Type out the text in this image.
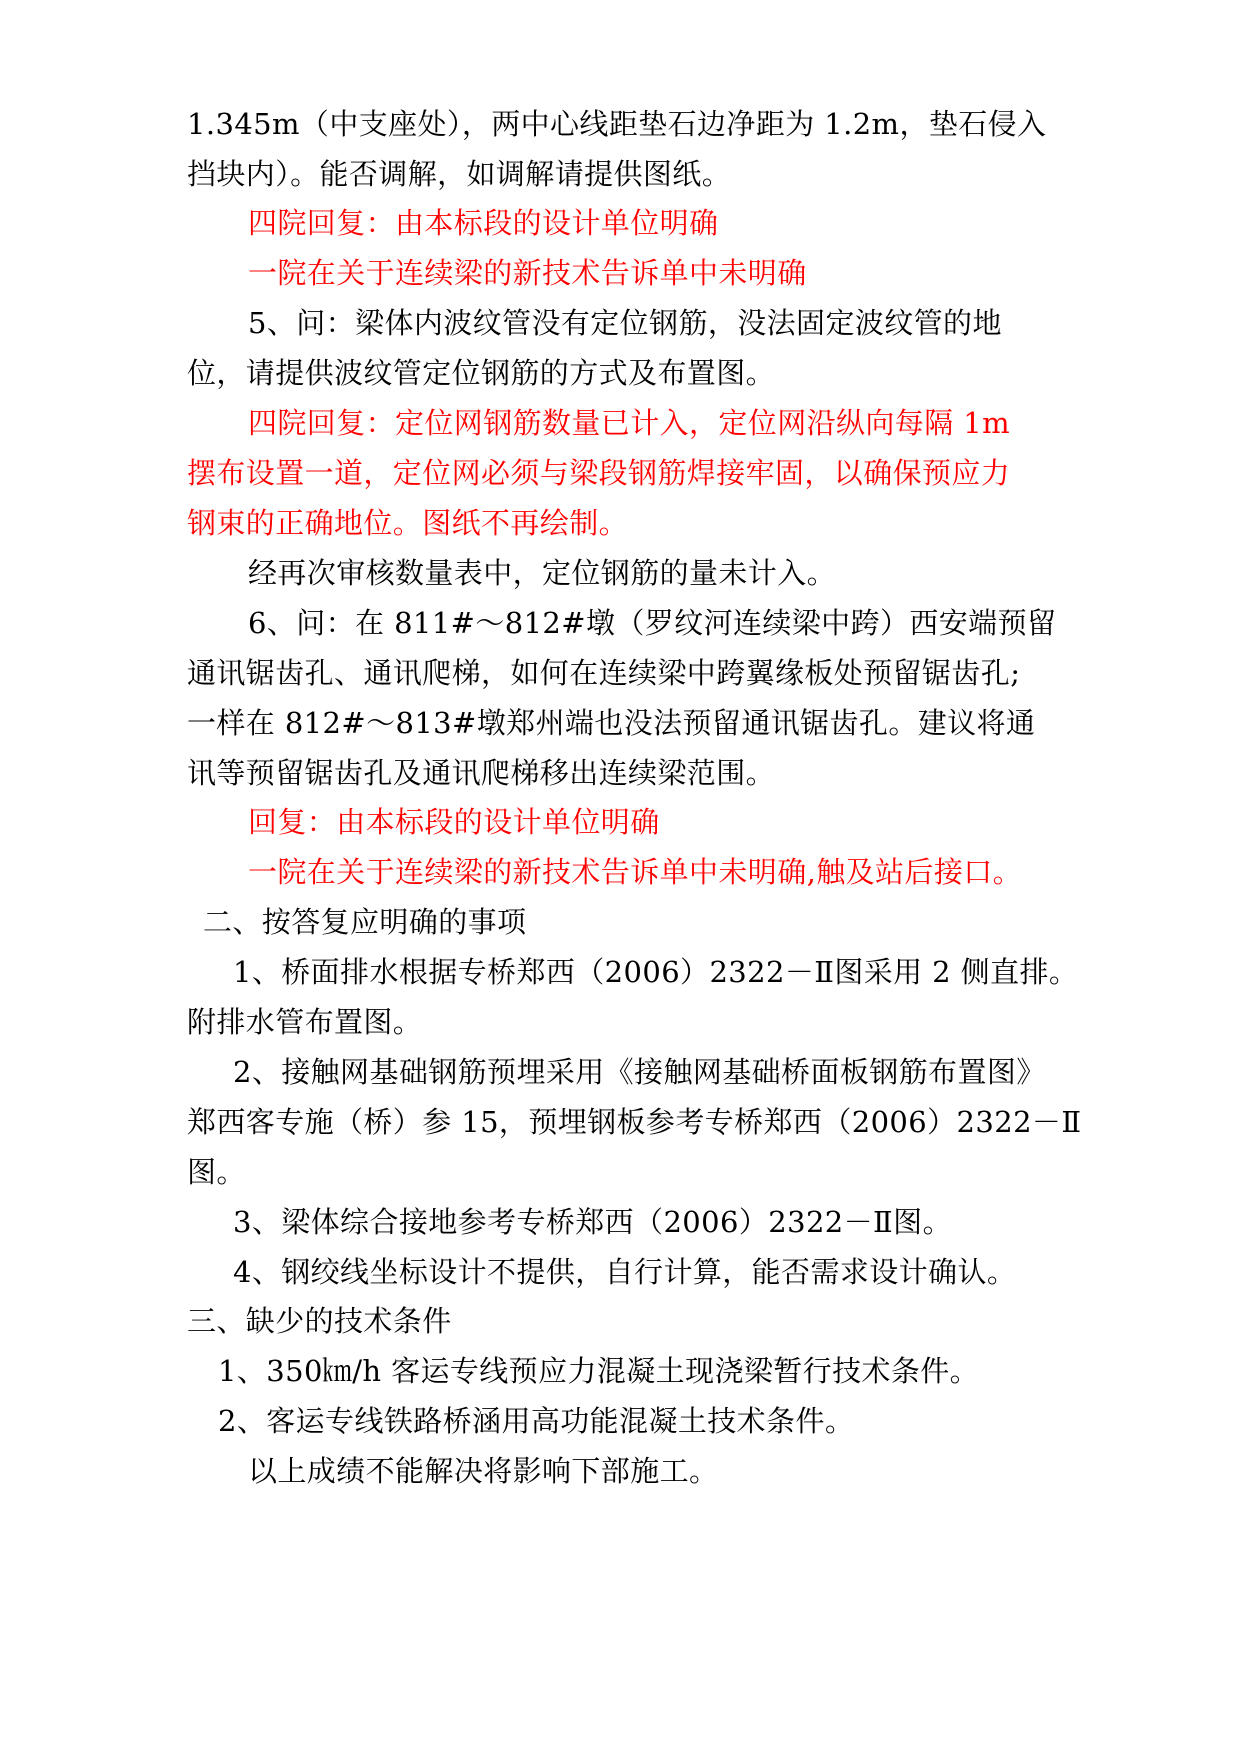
1.345m（中支座处），两中心线距垫石边净距为 1.2m，垫石侵入
挡块内）。能否调解，如调解请提供图纸。
四院回复：由本标段的设计单位明确
一院在关于连续梁的新技术告诉单中未明确
5、问：梁体内波纹管没有定位钢筋，没法固定波纹管的地
位，请提供波纹管定位钢筋的方式及布置图。
四院回复：定位网钢筋数量已计入，定位网沿纵向每隔 1m
摆布设置一道，定位网必须与梁段钢筋焊接牢固，以确保预应力
钢束的正确地位。图纸不再绘制。
经再次审核数量表中，定位钢筋的量未计入。
6、问：在 811#～812#墩（罗纹河连续梁中跨）西安端预留
通讯锯齿孔、通讯爬梯，如何在连续梁中跨翼缘板处预留锯齿孔;
一样在 812#～813#墩郑州端也没法预留通讯锯齿孔。建议将通
讯等预留锯齿孔及通讯爬梯移出连续梁范围。
回复：由本标段的设计单位明确
一院在关于连续梁的新技术告诉单中未明确,触及站后接口。
二、按答复应明确的事项
1、桥面排水根据专桥郑西（2006）2322－Ⅱ图采用 2 侧直排。
附排水管布置图。
2、接触网基础钢筋预埋采用《接触网基础桥面板钢筋布置图》
郑西客专施（桥）参 15，预埋钢板参考专桥郑西（2006）2322－Ⅱ
图。
3、梁体综合接地参考专桥郑西（2006）2322－Ⅱ图。
4、钢绞线坐标设计不提供，自行计算，能否需求设计确认。
三、缺少的技术条件
1、350㎞/h 客运专线预应力混凝土现浇梁暂行技术条件。
2、客运专线铁路桥涵用高功能混凝土技术条件。
以上成绩不能解决将影响下部施工。
